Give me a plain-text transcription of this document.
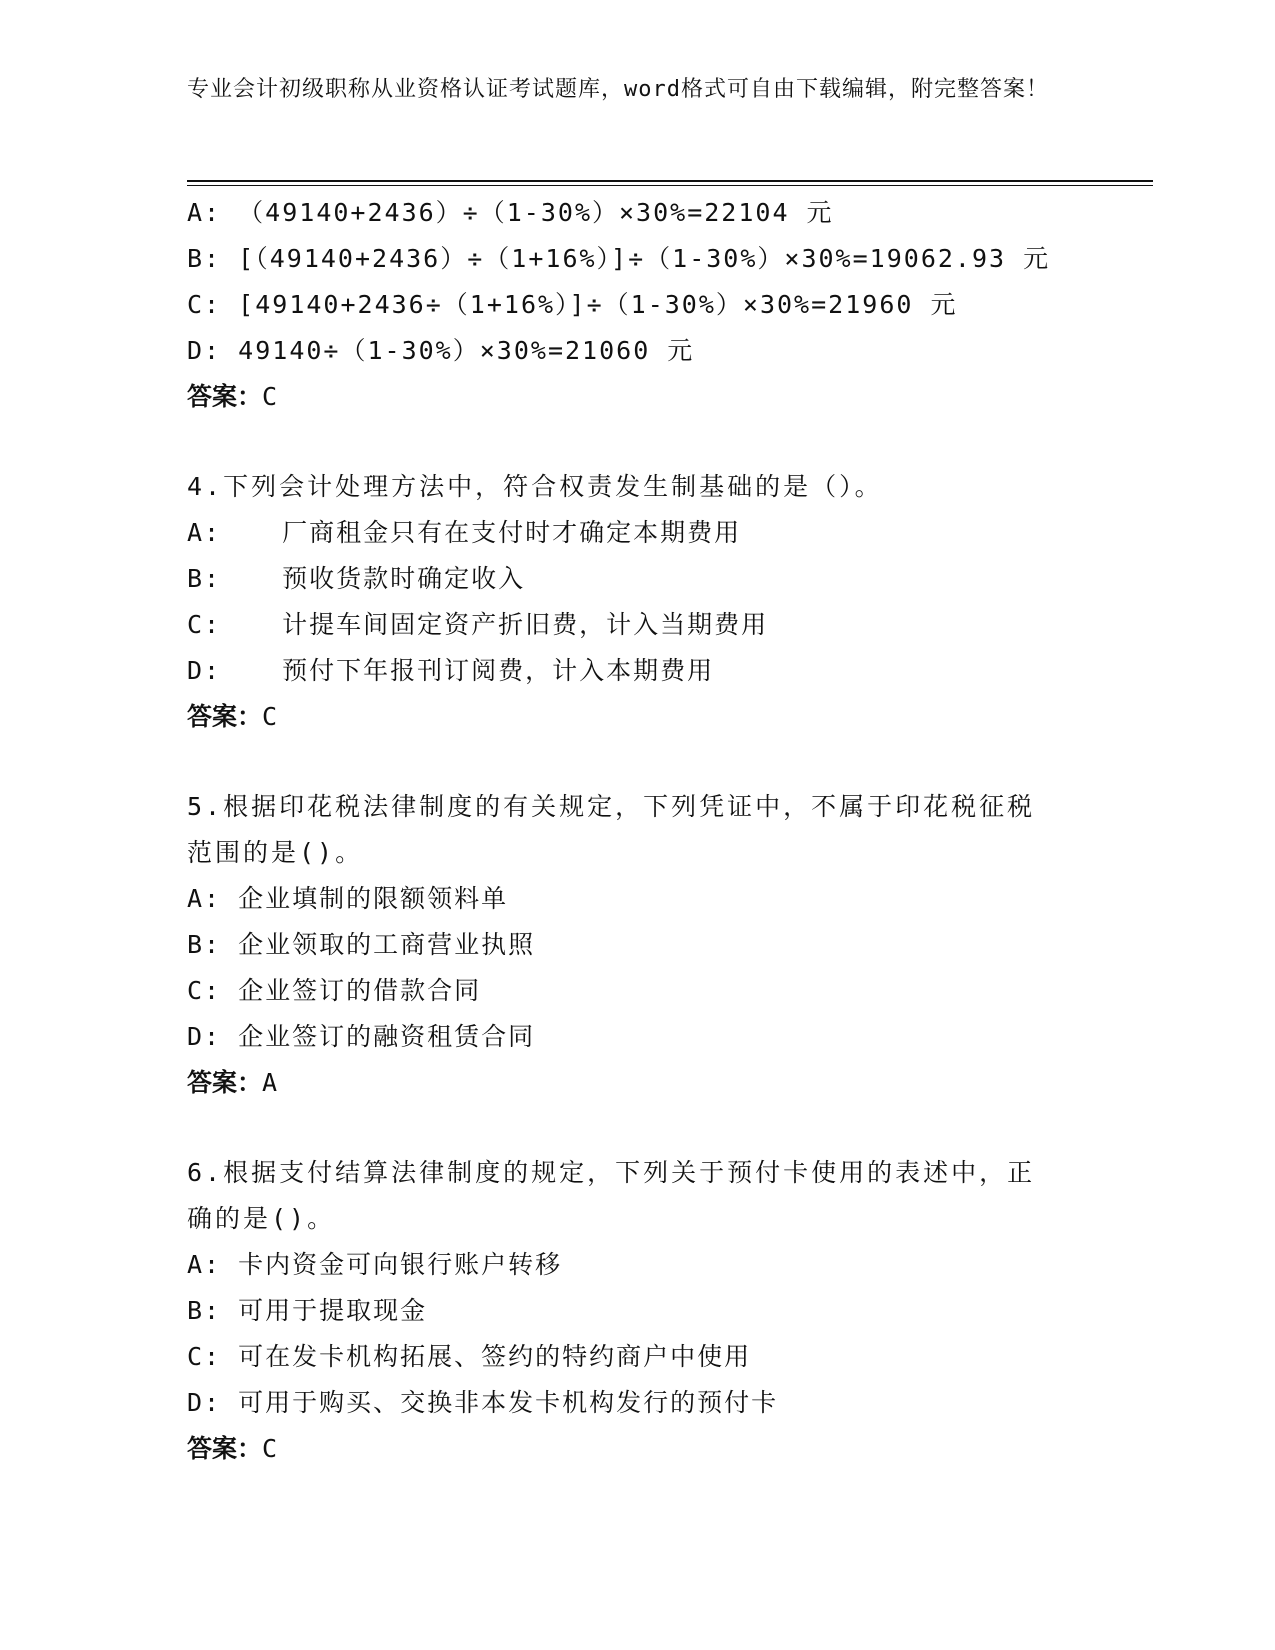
专业会计初级职称从业资格认证考试题库，word格式可自由下载编辑，附完整答案！
A: （49140+2436）÷（1-30%）×30%=22104 元
B: [（49140+2436）÷（1+16%）]÷（1-30%）×30%=19062.93 元
C: [49140+2436÷（1+16%）]÷（1-30%）×30%=21960 元
D: 49140÷（1-30%）×30%=21060 元
答案：C
4.下列会计处理方法中，符合权责发生制基础的是（）。
A: 厂商租金只有在支付时才确定本期费用
B: 预收货款时确定收入
C: 计提车间固定资产折旧费，计入当期费用
D: 预付下年报刊订阅费，计入本期费用
答案：C
5.根据印花税法律制度的有关规定，下列凭证中，不属于印花税征税范围的是()。
A: 企业填制的限额领料单
B: 企业领取的工商营业执照
C: 企业签订的借款合同
D: 企业签订的融资租赁合同
答案：A
6.根据支付结算法律制度的规定，下列关于预付卡使用的表述中，正确的是()。
A: 卡内资金可向银行账户转移
B: 可用于提取现金
C: 可在发卡机构拓展、签约的特约商户中使用
D: 可用于购买、交换非本发卡机构发行的预付卡
答案：C
